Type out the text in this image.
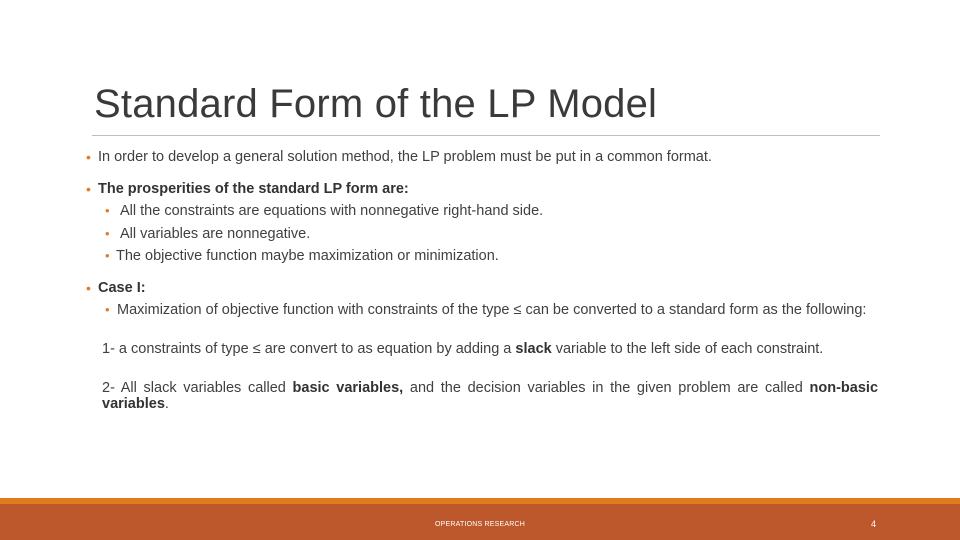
Standard Form of the LP Model
• In order to develop a general solution method, the LP problem must be put in a common format.
• The prosperities of the standard LP form are:
• All the constraints are equations with nonnegative right-hand side.
• All variables are nonnegative.
• The objective function maybe maximization or minimization.
• Case I:
• Maximization of objective function with constraints of the type ≤ can be converted to a standard form as the following:
1- a constraints of type ≤ are convert to as equation by adding a slack variable to the left side of each constraint.
2- All slack variables called basic variables, and the decision variables in the given problem are called non-basic variables.
OPERATIONS RESEARCH	4
